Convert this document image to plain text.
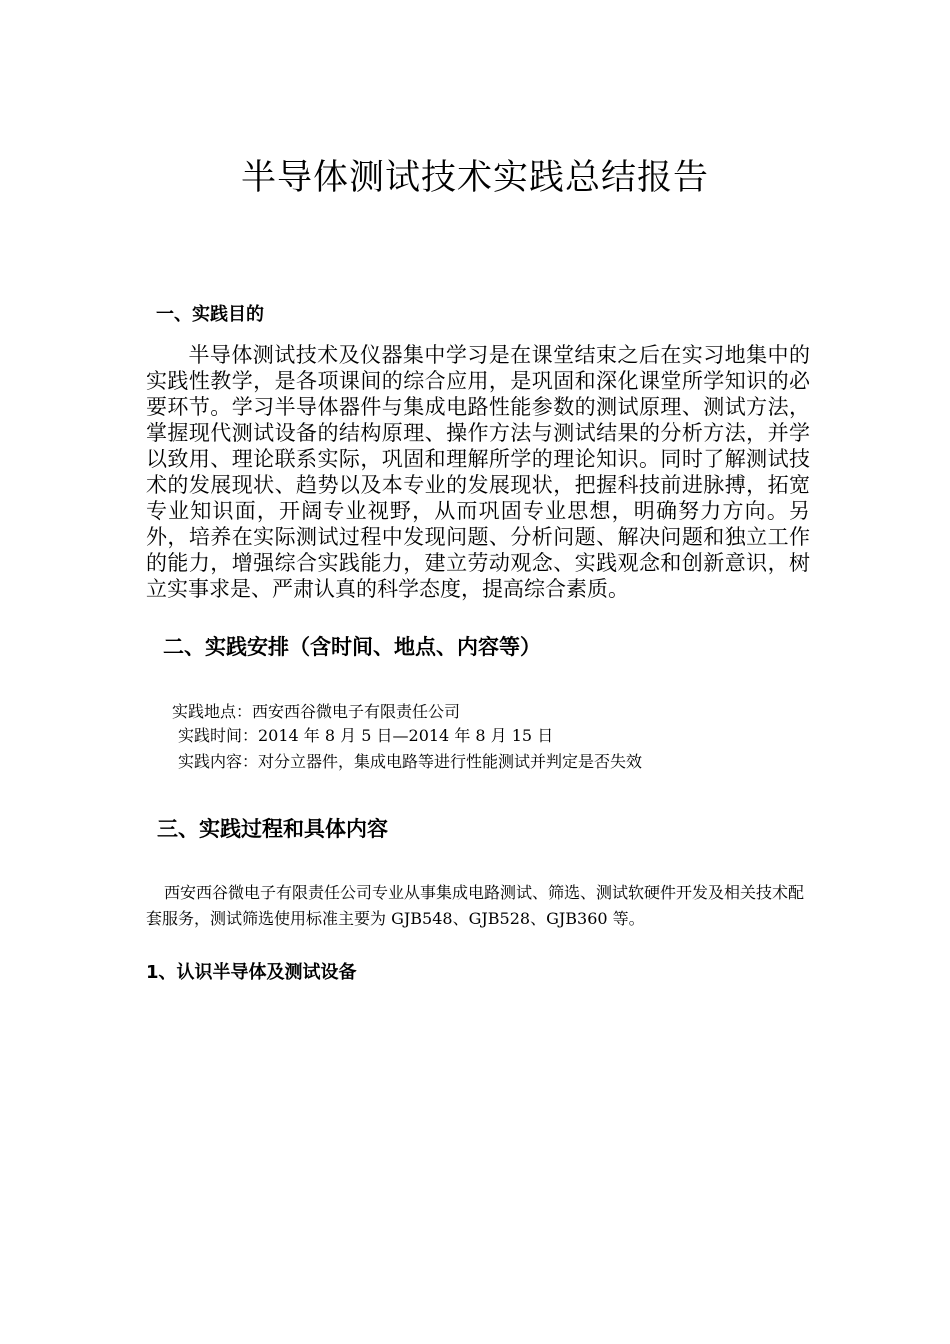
半导体测试技术实践总结报告
一、实践目的

半导体测试技术及仪器集中学习是在课堂结束之后在实习地集中的实践性教学，是各项课间的综合应用，是巩固和深化课堂所学知识的必要环节。学习半导体器件与集成电路性能参数的测试原理、测试方法，掌握现代测试设备的结构原理、操作方法与测试结果的分析方法，并学以致用、理论联系实际，巩固和理解所学的理论知识。同时了解测试技术的发展现状、趋势以及本专业的发展现状，把握科技前进脉搏，拓宽专业知识面，开阔专业视野，从而巩固专业思想，明确努力方向。另外，培养在实际测试过程中发现问题、分析问题、解决问题和独立工作的能力，增强综合实践能力，建立劳动观念、实践观念和创新意识，树立实事求是、严肃认真的科学态度，提高综合素质。

二、实践安排（含时间、地点、内容等）

实践地点：西安西谷微电子有限责任公司

实践时间：2014 年 8 月 5 日—2014 年 8 月 15 日

实践内容：对分立器件，集成电路等进行性能测试并判定是否失效

三、实践过程和具体内容

西安西谷微电子有限责任公司专业从事集成电路测试、筛选、测试软硬件开发及相关技术配套服务，测试筛选使用标准主要为 GJB548、GJB528、GJB360 等。

1、认识半导体及测试设备
